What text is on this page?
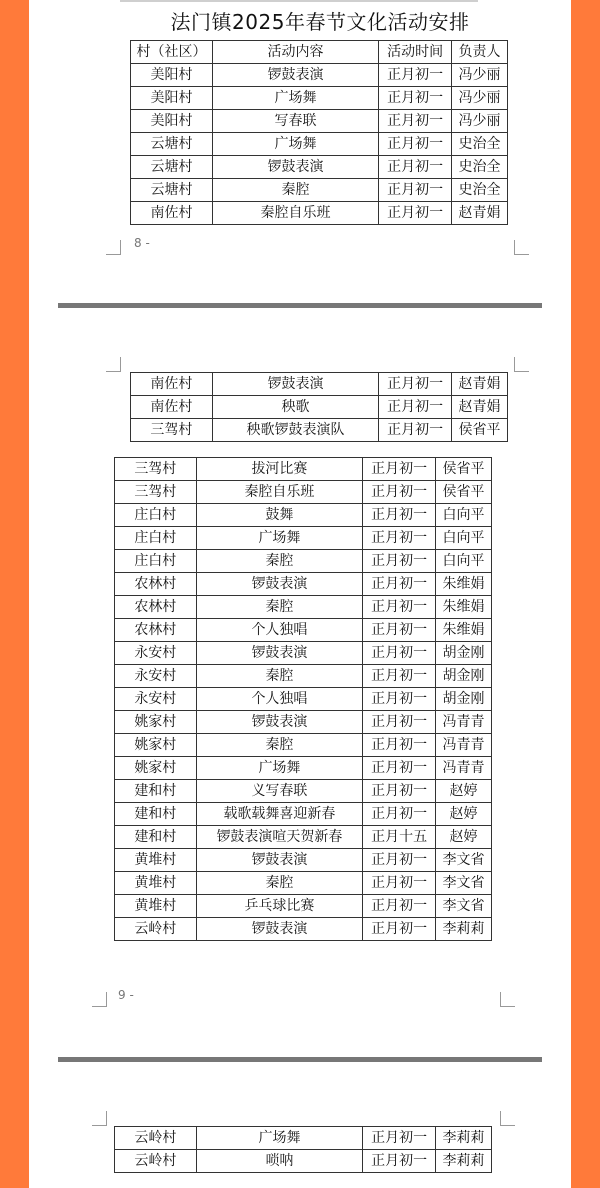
法门镇2025年春节文化活动安排
村（社区）	活动内容	活动时间	负责人
美阳村	锣鼓表演	正月初一	冯少丽
美阳村	广场舞	正月初一	冯少丽
美阳村	写春联	正月初一	冯少丽
云塘村	广场舞	正月初一	史治全
云塘村	锣鼓表演	正月初一	史治全
云塘村	秦腔	正月初一	史治全
南佐村	秦腔自乐班	正月初一	赵青娟
8 -
南佐村	锣鼓表演	正月初一	赵青娟
南佐村	秧歌	正月初一	赵青娟
三驾村	秧歌锣鼓表演队	正月初一	侯省平
三驾村	拔河比赛	正月初一	侯省平
三驾村	秦腔自乐班	正月初一	侯省平
庄白村	鼓舞	正月初一	白向平
庄白村	广场舞	正月初一	白向平
庄白村	秦腔	正月初一	白向平
农林村	锣鼓表演	正月初一	朱维娟
农林村	秦腔	正月初一	朱维娟
农林村	个人独唱	正月初一	朱维娟
永安村	锣鼓表演	正月初一	胡金刚
永安村	秦腔	正月初一	胡金刚
永安村	个人独唱	正月初一	胡金刚
姚家村	锣鼓表演	正月初一	冯青青
姚家村	秦腔	正月初一	冯青青
姚家村	广场舞	正月初一	冯青青
建和村	义写春联	正月初一	赵婷
建和村	载歌载舞喜迎新春	正月初一	赵婷
建和村	锣鼓表演喧天贺新春	正月十五	赵婷
黄堆村	锣鼓表演	正月初一	李文省
黄堆村	秦腔	正月初一	李文省
黄堆村	乒乓球比赛	正月初一	李文省
云岭村	锣鼓表演	正月初一	李莉莉
9 -
云岭村	广场舞	正月初一	李莉莉
云岭村	唢呐	正月初一	李莉莉
